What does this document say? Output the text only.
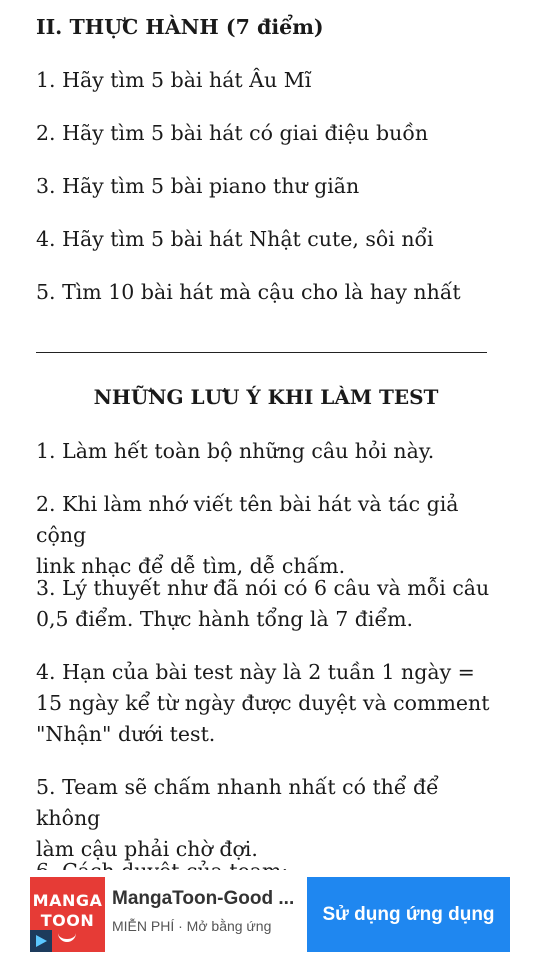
II. THỰC HÀNH (7 điểm)

1. Hãy tìm 5 bài hát Âu Mĩ

2. Hãy tìm 5 bài hát có giai điệu buồn

3. Hãy tìm 5 bài piano thư giãn

4. Hãy tìm 5 bài hát Nhật cute, sôi nổi

5. Tìm 10 bài hát mà cậu cho là hay nhất

NHỮNG LƯU Ý KHI LÀM TEST

1. Làm hết toàn bộ những câu hỏi này.

2. Khi làm nhớ viết tên bài hát và tác giả cộng
link nhạc để dễ tìm, dễ chấm.

3. Lý thuyết như đã nói có 6 câu và mỗi câu
0,5 điểm. Thực hành tổng là 7 điểm.

4. Hạn của bài test này là 2 tuần 1 ngày =
15 ngày kể từ ngày được duyệt và comment
"Nhận" dưới test.

5. Team sẽ chấm nhanh nhất có thể để không
làm cậu phải chờ đợi.

MANGA
TOON
MangaToon-Good ...
MIỄN PHÍ · Mở bằng ứng
Sử dụng ứng dụng
